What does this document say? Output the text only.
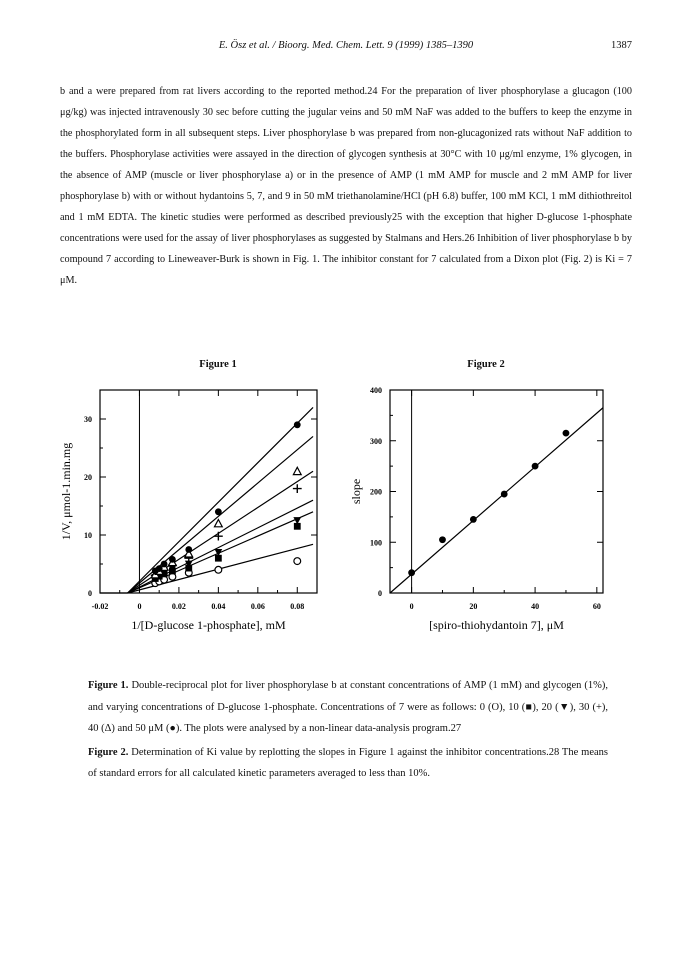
E. Ösz et al. / Bioorg. Med. Chem. Lett. 9 (1999) 1385–1390	1387

b and a were prepared from rat livers according to the reported method.24 For the preparation of liver phosphorylase a glucagon (100 μg/kg) was injected intravenously 30 sec before cutting the jugular veins and 50 mM NaF was added to the buffers to keep the enzyme in the phosphorylated form in all subsequent steps. Liver phosphorylase b was prepared from non-glucagonized rats without NaF addition to the buffers. Phosphorylase activities were assayed in the direction of glycogen synthesis at 30°C with 10 μg/ml enzyme, 1% glycogen, in the absence of AMP (muscle or liver phosphorylase a) or in the presence of AMP (1 mM AMP for muscle and 2 mM AMP for liver phosphorylase b) with or without hydantoins 5, 7, and 9 in 50 mM triethanolamine/HCl (pH 6.8) buffer, 100 mM KCl, 1 mM dithiothreitol and 1 mM EDTA. The kinetic studies were performed as described previously25 with the exception that higher D-glucose 1-phosphate concentrations were used for the assay of liver phosphorylases as suggested by Stalmans and Hers.26 Inhibition of liver phosphorylase b by compound 7 according to Lineweaver-Burk is shown in Fig. 1. The inhibitor constant for 7 calculated from a Dixon plot (Fig. 2) is Ki = 7 μM.

Figure 1	Figure 2
-0.02	0	0.02	0.04	0.06	0.08
0
10
20
30
1/[D-glucose 1-phosphate], mM
1/V, μmol-1.min.mg
0	20	40	60
0
100
200
300
400
[spiro-thiohydantoin 7], μM
slope

Figure 1. Double-reciprocal plot for liver phosphorylase b at constant concentrations of AMP (1 mM) and glycogen (1%), and varying concentrations of D-glucose 1-phosphate. Concentrations of 7 were as follows: 0 (O), 10 (■), 20 (▼), 30 (+), 40 (Δ) and 50 μM (●). The plots were analysed by a non-linear data-analysis program.27

Figure 2. Determination of Ki value by replotting the slopes in Figure 1 against the inhibitor concentrations.28 The means of standard errors for all calculated kinetic parameters averaged to less than 10%.
